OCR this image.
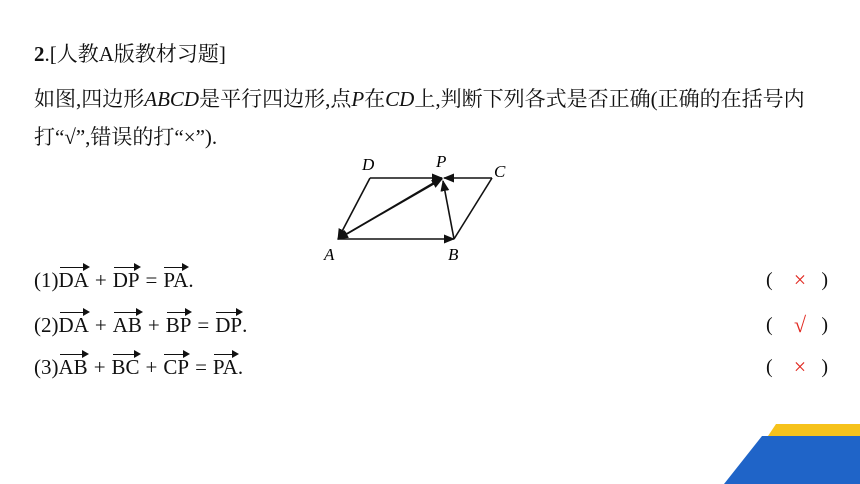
2.[人教A版教材习题]
如图,四边形ABCD是平行四边形,点P在CD上,判断下列各式是否正确(正确的在括号内打“√”,错误的打“×”).
D	P
C
A	B
(1)DA + DP = PA.	( × )
(2)DA + AB + BP = DP.	( √ )
(3)AB + BC + CP = PA.	( × )
